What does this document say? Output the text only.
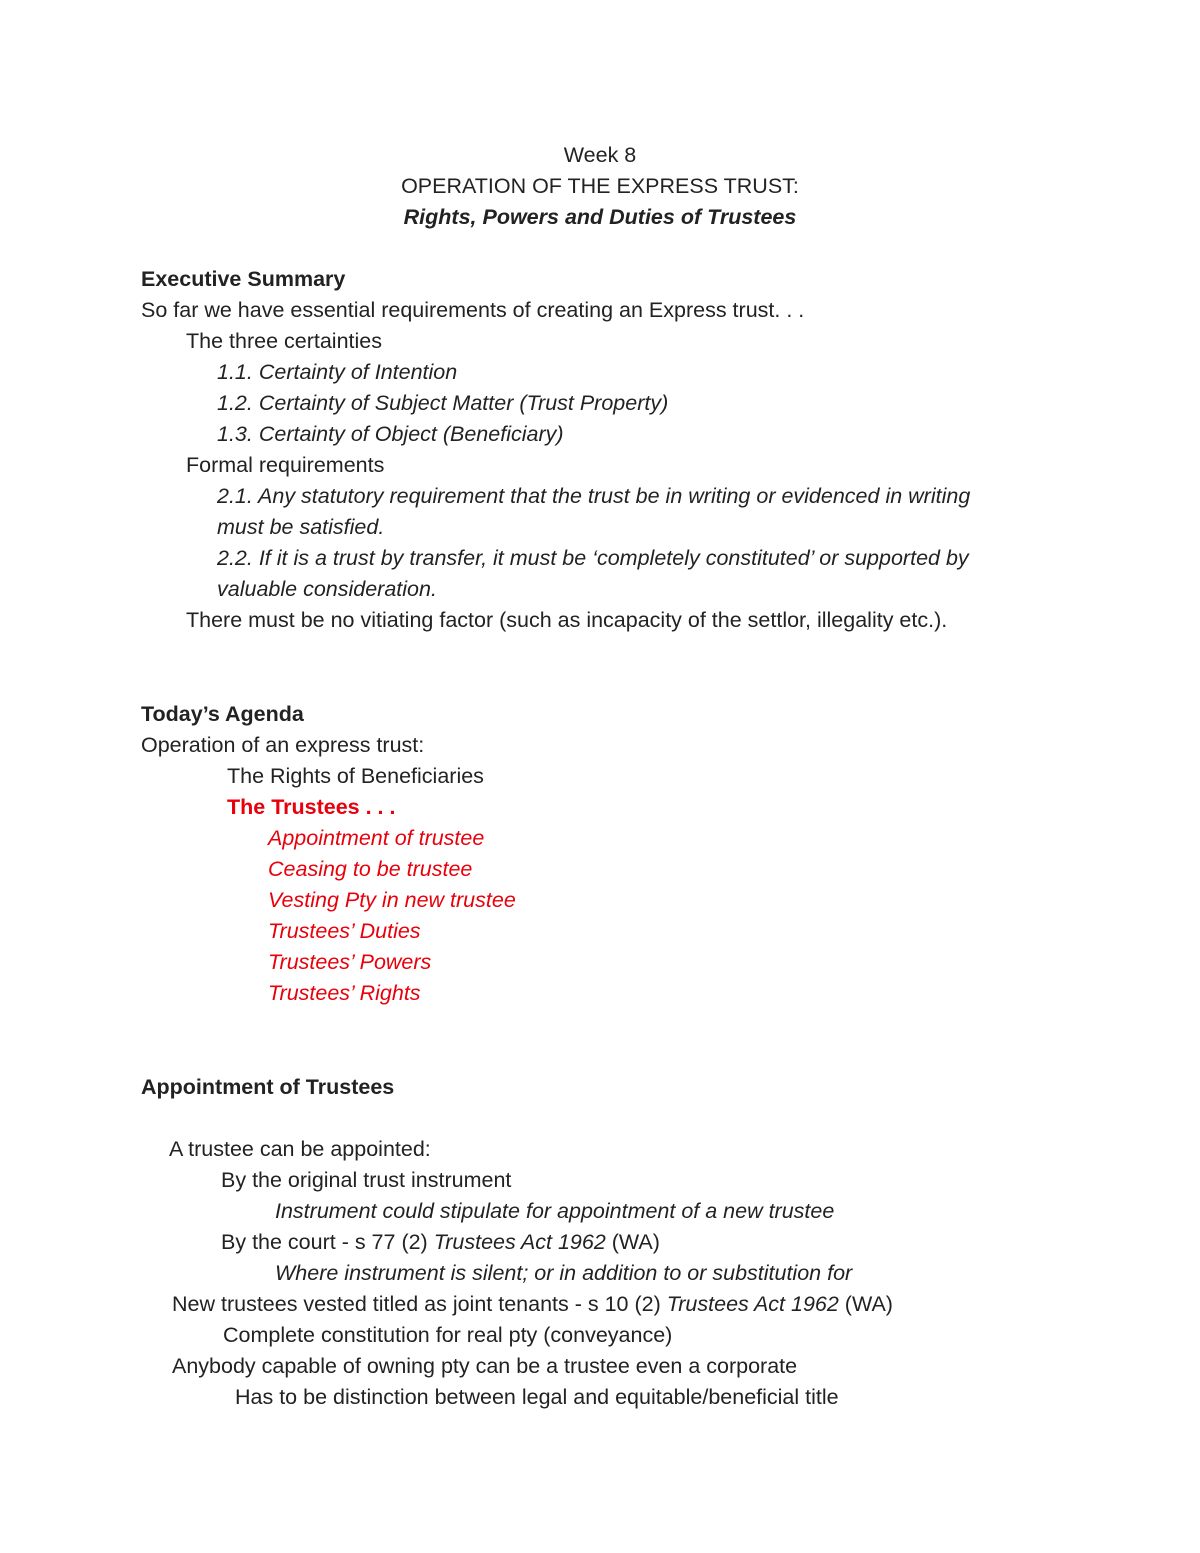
Week 8

OPERATION OF THE EXPRESS TRUST:

Rights, Powers and Duties of Trustees

Executive Summary

So far we have essential requirements of creating an Express trust. . .

The three certainties

1.1. Certainty of Intention

1.2. Certainty of Subject Matter (Trust Property)

1.3. Certainty of Object (Beneficiary)

Formal requirements

2.1. Any statutory requirement that the trust be in writing or evidenced in writing

must be satisfied.

2.2. If it is a trust by transfer, it must be ‘completely constituted’ or supported by

valuable consideration.

There must be no vitiating factor (such as incapacity of the settlor, illegality etc.).

Today’s Agenda

Operation of an express trust:

The Rights of Beneficiaries

The Trustees . . .

Appointment of trustee

Ceasing to be trustee

Vesting Pty in new trustee

Trustees’ Duties

Trustees’ Powers

Trustees’ Rights

Appointment of Trustees

A trustee can be appointed:

By the original trust instrument

Instrument could stipulate for appointment of a new trustee

By the court - s 77 (2) Trustees Act 1962 (WA)

Where instrument is silent; or in addition to or substitution for

New trustees vested titled as joint tenants - s 10 (2) Trustees Act 1962 (WA)

Complete constitution for real pty (conveyance)

Anybody capable of owning pty can be a trustee even a corporate

Has to be distinction between legal and equitable/beneficial title
